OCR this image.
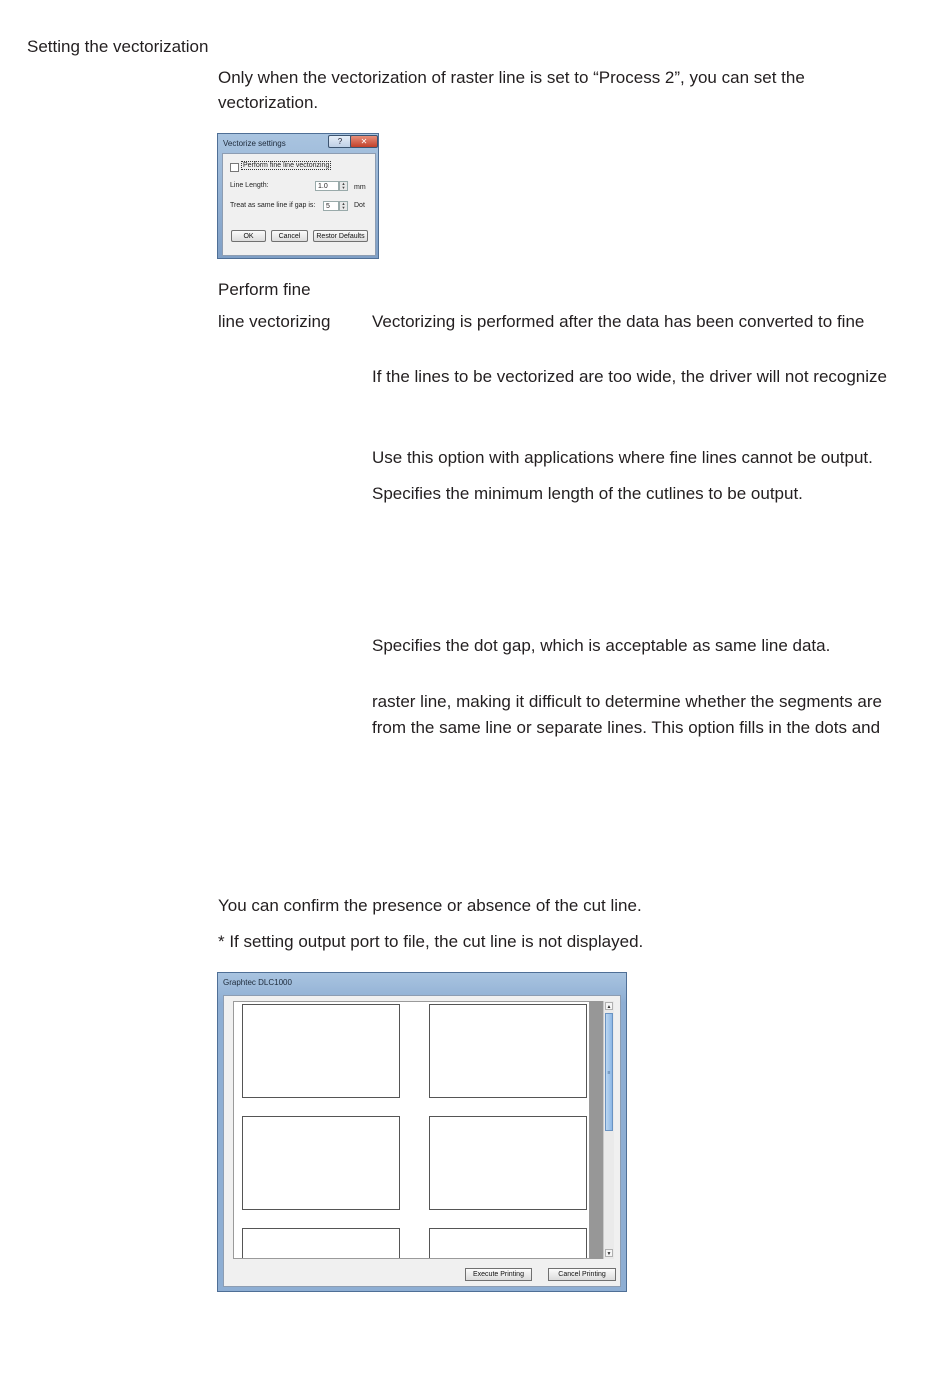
Setting the vectorization
Only when the vectorization of raster line is set to “Process 2”, you can set the
vectorization.
Vectorize settings	?	✕
Perform fine line vectorizing
Line Length:	1.0	▲
▼ mm
Treat as same line if gap is:	5	▲
▼ Dot
OK	Cancel	Restor Defaults
Perform fine
line vectorizing Vectorizing is performed after the data has been converted to fine
If the lines to be vectorized are too wide, the driver will not recognize
Use this option with applications where fine lines cannot be output.
Specifies the minimum length of the cutlines to be output.
Specifies the dot gap, which is acceptable as same line data.
raster line, making it difficult to determine whether the segments are
from the same line or separate lines. This option fills in the dots and
You can confirm the presence or absence of the cut line.
* If setting output port to file, the cut line is not displayed.
Graphtec DLC1000
▲
≡
▼
Execute Printing	Cancel Printing
